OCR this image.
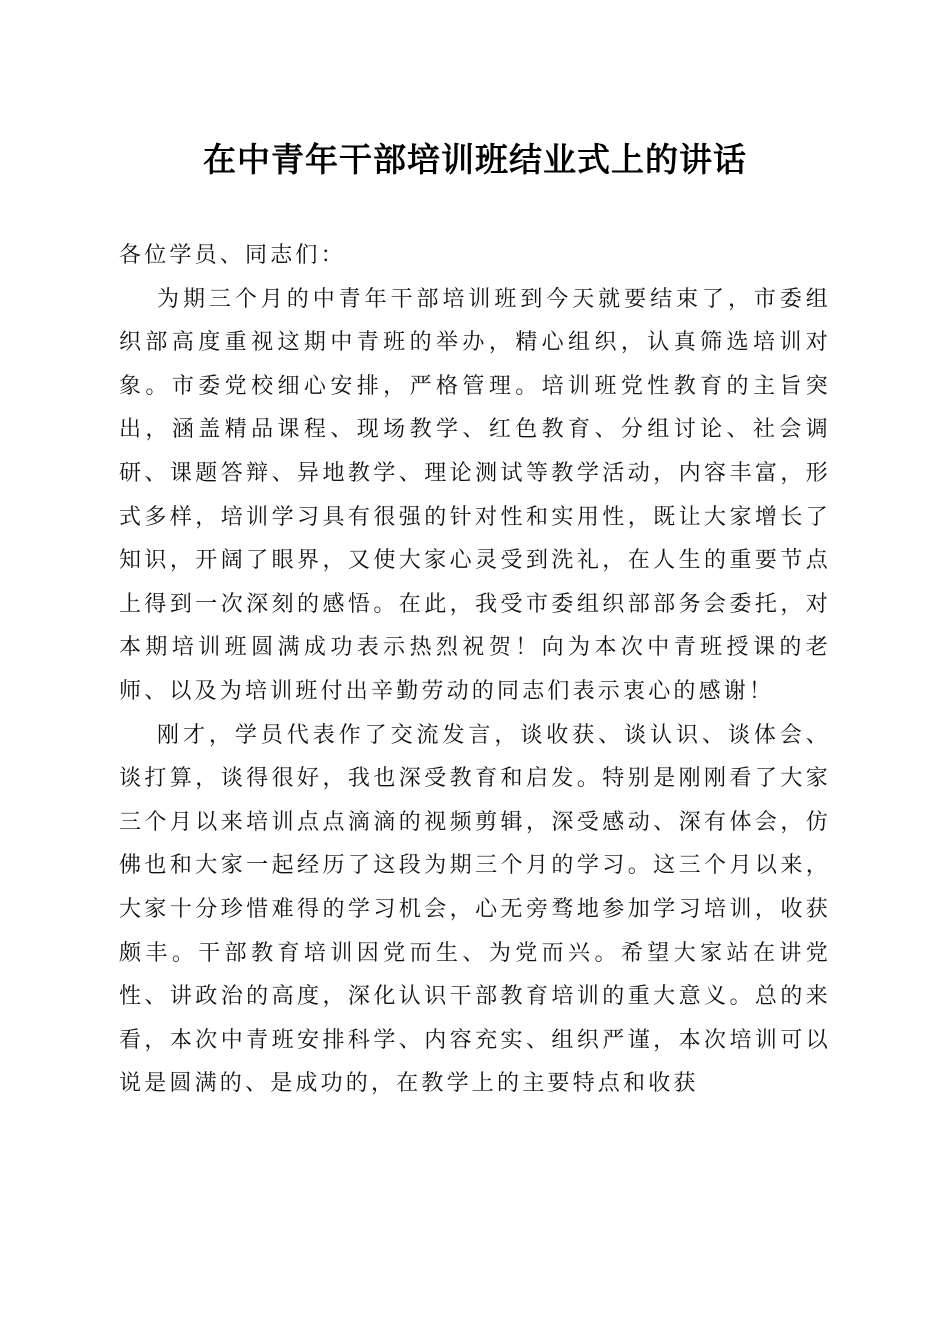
在中青年干部培训班结业式上的讲话

各位学员、同志们：

为期三个月的中青年干部培训班到今天就要结束了，市委组织部高度重视这期中青班的举办，精心组织，认真筛选培训对象。市委党校细心安排，严格管理。培训班党性教育的主旨突出，涵盖精品课程、现场教学、红色教育、分组讨论、社会调研、课题答辩、异地教学、理论测试等教学活动，内容丰富，形式多样，培训学习具有很强的针对性和实用性，既让大家增长了知识，开阔了眼界，又使大家心灵受到洗礼，在人生的重要节点上得到一次深刻的感悟。在此，我受市委组织部部务会委托，对本期培训班圆满成功表示热烈祝贺！向为本次中青班授课的老师、以及为培训班付出辛勤劳动的同志们表示衷心的感谢！

刚才，学员代表作了交流发言，谈收获、谈认识、谈体会、谈打算，谈得很好，我也深受教育和启发。特别是刚刚看了大家三个月以来培训点点滴滴的视频剪辑，深受感动、深有体会，仿佛也和大家一起经历了这段为期三个月的学习。这三个月以来，大家十分珍惜难得的学习机会，心无旁骛地参加学习培训，收获颇丰。干部教育培训因党而生、为党而兴。希望大家站在讲党性、讲政治的高度，深化认识干部教育培训的重大意义。总的来看，本次中青班安排科学、内容充实、组织严谨，本次培训可以说是圆满的、是成功的，在教学上的主要特点和收获
